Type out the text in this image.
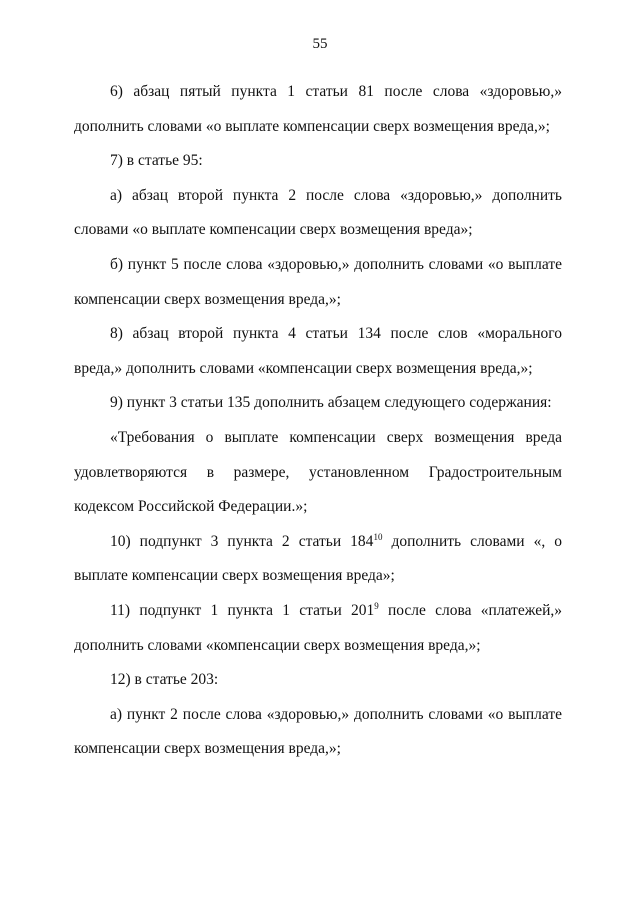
55

6) абзац пятый пункта 1 статьи 81 после слова «здоровью,» дополнить словами «о выплате компенсации сверх возмещения вреда,»;

7) в статье 95:

а) абзац второй пункта 2 после слова «здоровью,» дополнить словами «о выплате компенсации сверх возмещения вреда»;

б) пункт 5 после слова «здоровью,» дополнить словами «о выплате компенсации сверх возмещения вреда,»;

8) абзац второй пункта 4 статьи 134 после слов «морального вреда,» дополнить словами «компенсации сверх возмещения вреда,»;

9) пункт 3 статьи 135 дополнить абзацем следующего содержания:

«Требования о выплате компенсации сверх возмещения вреда удовлетворяются в размере, установленном Градостроительным кодексом Российской Федерации.»;

10) подпункт 3 пункта 2 статьи $184^{10}$ дополнить словами «, о выплате компенсации сверх возмещения вреда»;

11) подпункт 1 пункта 1 статьи $201^9$ после слова «платежей,» дополнить словами «компенсации сверх возмещения вреда,»;

12) в статье 203:

а) пункт 2 после слова «здоровью,» дополнить словами «о выплате компенсации сверх возмещения вреда,»;
